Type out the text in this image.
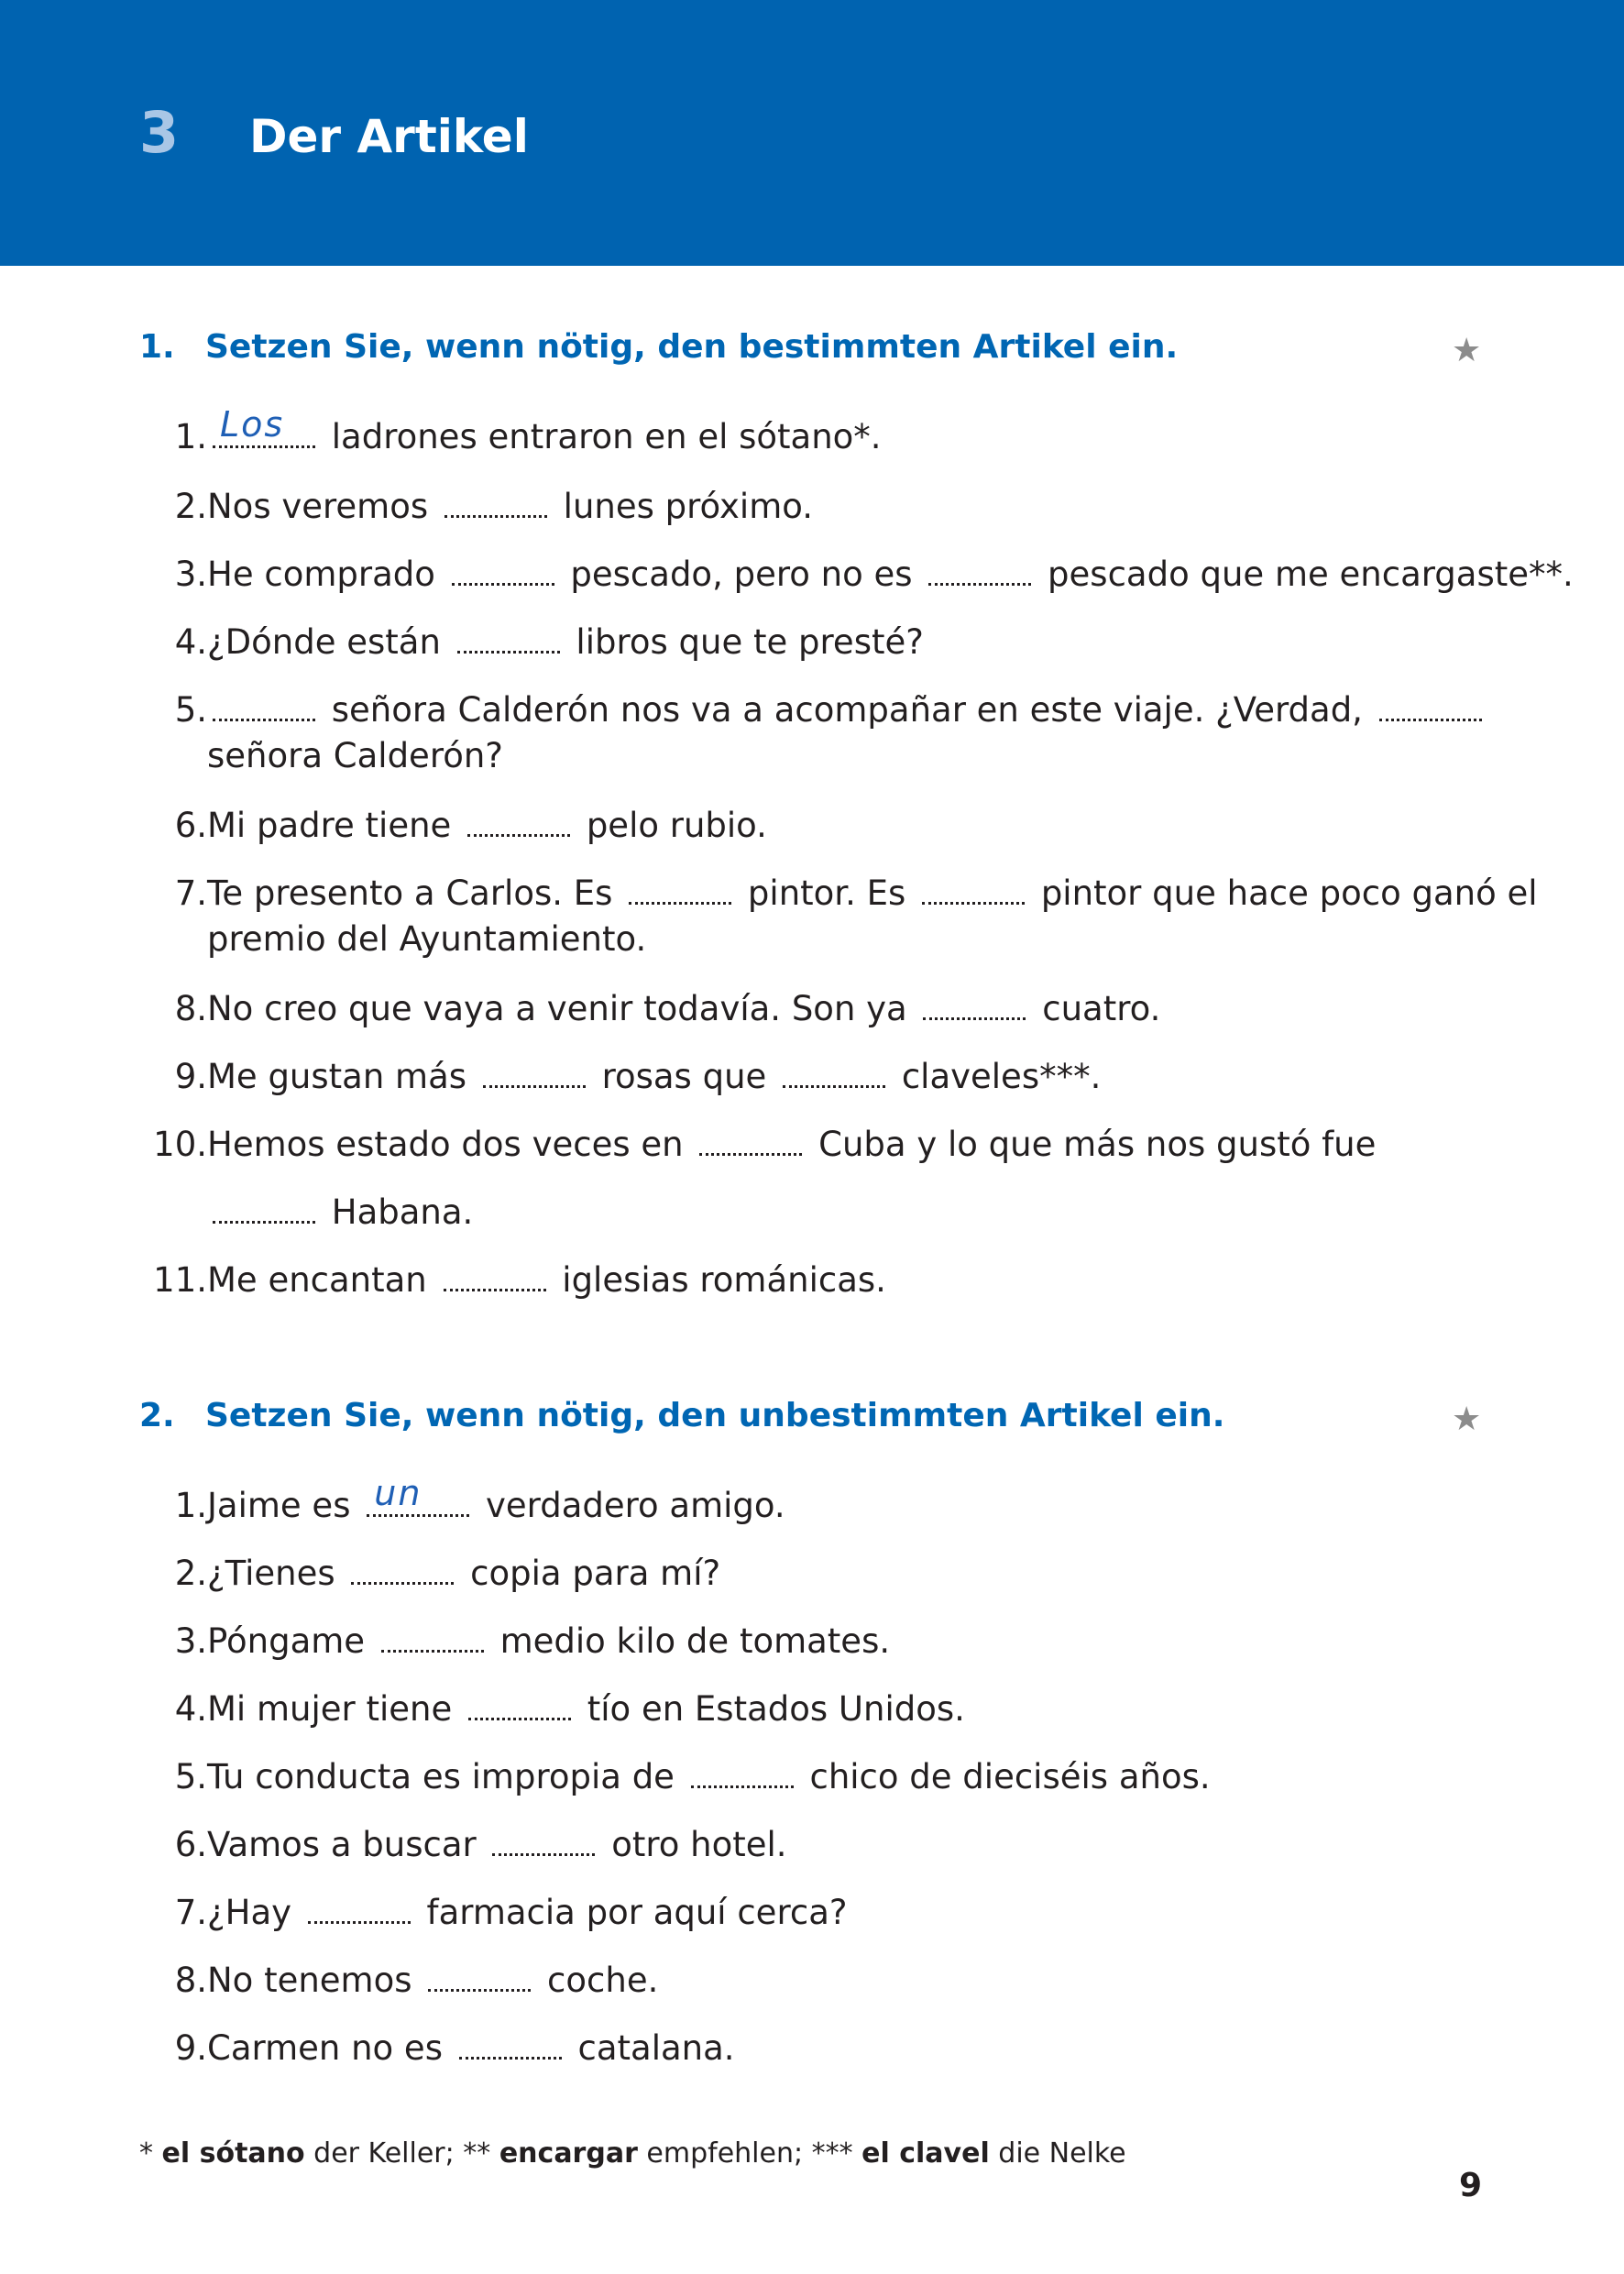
3 Der Artikel
1. Setzen Sie, wenn nötig, den bestimmten Artikel ein.	★
1. Los ladrones entraron en el sótano*.
2. Nos veremos	lunes próximo.
3. He comprado	pescado, pero no es	pescado que me encargaste**.
4. ¿Dónde están	libros que te presté?
5.	señora Calderón nos va a acompañar en este viaje. ¿Verdad,
señora Calderón?
6. Mi padre tiene	pelo rubio.
7. Te presento a Carlos. Es	pintor. Es	pintor que hace poco ganó el
premio del Ayuntamiento.
8. No creo que vaya a venir todavía. Son ya	cuatro.
9. Me gustan más	rosas que	claveles***.
10. Hemos estado dos veces en	Cuba y lo que más nos gustó fue
Habana.
11. Me encantan	iglesias románicas.
2. Setzen Sie, wenn nötig, den unbestimmten Artikel ein.	★
1. Jaime es un verdadero amigo.
2. ¿Tienes	copia para mí?
3. Póngame	medio kilo de tomates.
4. Mi mujer tiene	tío en Estados Unidos.
5. Tu conducta es impropia de	chico de dieciséis años.
6. Vamos a buscar	otro hotel.
7. ¿Hay	farmacia por aquí cerca?
8. No tenemos	coche.
9. Carmen no es	catalana.
* el sótano der Keller; ** encargar empfehlen; *** el clavel die Nelke
9
